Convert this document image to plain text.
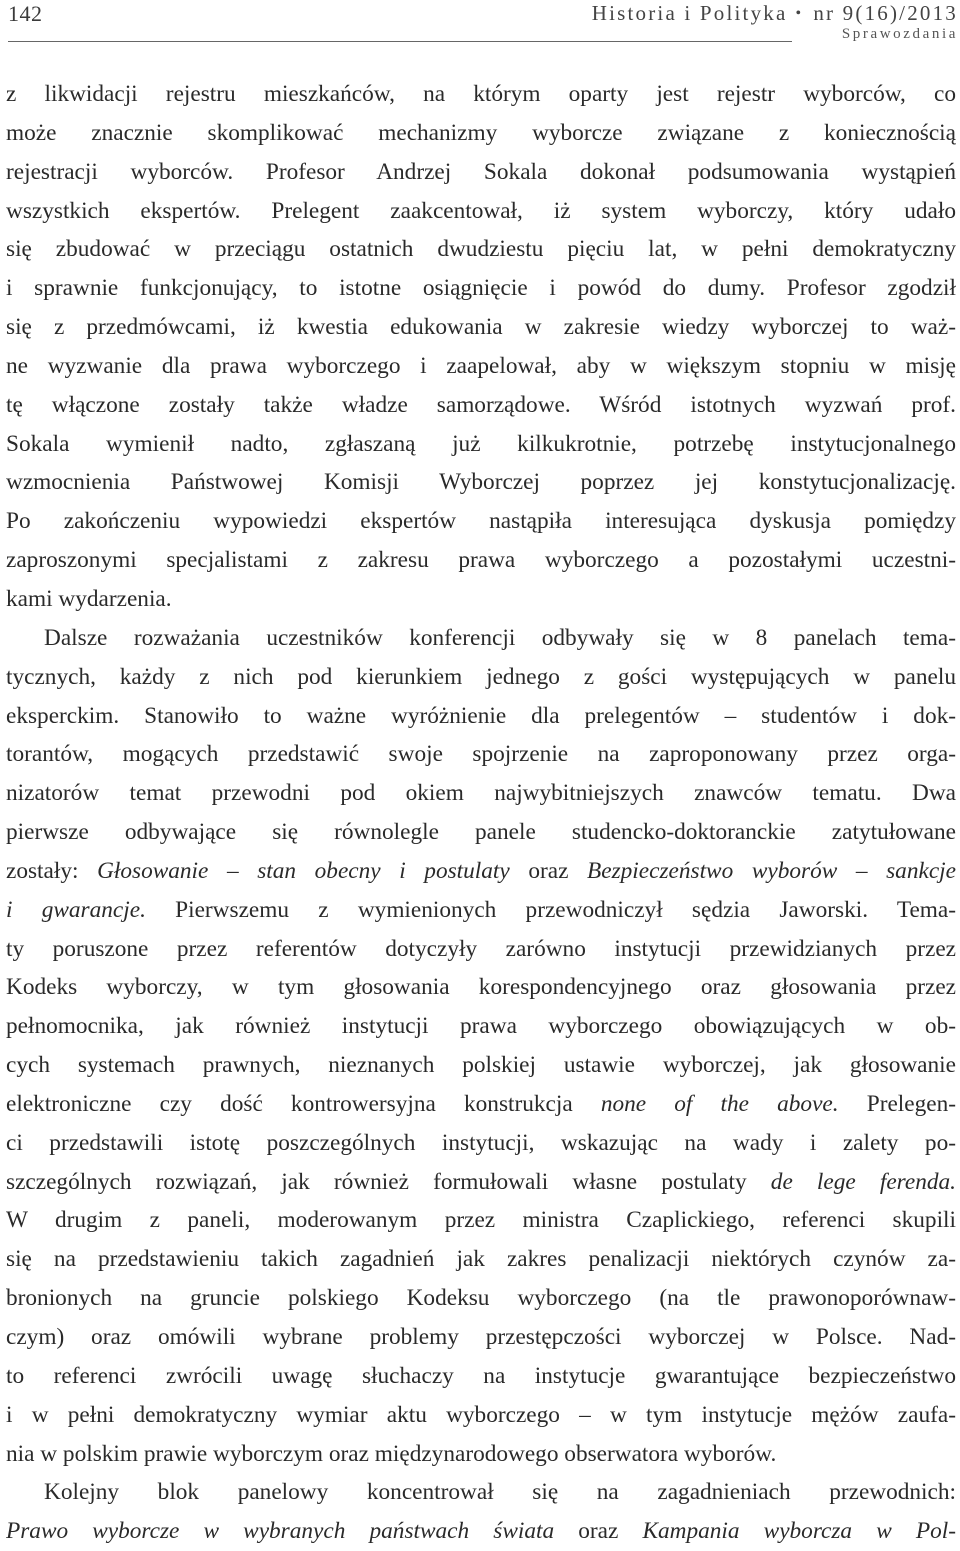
142	Historia i Polityka • nr 9(16)/2013
Sprawozdania
z likwidacji rejestru mieszkańców, na którym oparty jest rejestr wyborców, co
może znacznie skomplikować mechanizmy wyborcze związane z koniecznością
rejestracji wyborców. Profesor Andrzej Sokala dokonał podsumowania wystąpień
wszystkich ekspertów. Prelegent zaakcentował, iż system wyborczy, który udało
się zbudować w przeciągu ostatnich dwudziestu pięciu lat, w pełni demokratyczny
i sprawnie funkcjonujący, to istotne osiągnięcie i powód do dumy. Profesor zgodził
się z przedmówcami, iż kwestia edukowania w zakresie wiedzy wyborczej to waż-
ne wyzwanie dla prawa wyborczego i zaapelował, aby w większym stopniu w misję
tę włączone zostały także władze samorządowe. Wśród istotnych wyzwań prof.
Sokala wymienił nadto, zgłaszaną już kilkukrotnie, potrzebę instytucjonalnego
wzmocnienia Państwowej Komisji Wyborczej poprzez jej konstytucjonalizację.
Po zakończeniu wypowiedzi ekspertów nastąpiła interesująca dyskusja pomiędzy
zaproszonymi specjalistami z zakresu prawa wyborczego a pozostałymi uczestni-
kami wydarzenia.
Dalsze rozważania uczestników konferencji odbywały się w 8 panelach tema-
tycznych, każdy z nich pod kierunkiem jednego z gości występujących w panelu
eksperckim. Stanowiło to ważne wyróżnienie dla prelegentów – studentów i dok-
torantów, mogących przedstawić swoje spojrzenie na zaproponowany przez orga-
nizatorów temat przewodni pod okiem najwybitniejszych znawców tematu. Dwa
pierwsze odbywające się równolegle panele studencko-doktoranckie zatytułowane
zostały: Głosowanie – stan obecny i postulaty oraz Bezpieczeństwo wyborów – sankcje
i gwarancje. Pierwszemu z wymienionych przewodniczył sędzia Jaworski. Tema-
ty poruszone przez referentów dotyczyły zarówno instytucji przewidzianych przez
Kodeks wyborczy, w tym głosowania korespondencyjnego oraz głosowania przez
pełnomocnika, jak również instytucji prawa wyborczego obowiązujących w ob-
cych systemach prawnych, nieznanych polskiej ustawie wyborczej, jak głosowanie
elektroniczne czy dość kontrowersyjna konstrukcja none of the above. Prelegen-
ci przedstawili istotę poszczególnych instytucji, wskazując na wady i zalety po-
szczególnych rozwiązań, jak również formułowali własne postulaty de lege ferenda.
W drugim z paneli, moderowanym przez ministra Czaplickiego, referenci skupili
się na przedstawieniu takich zagadnień jak zakres penalizacji niektórych czynów za-
bronionych na gruncie polskiego Kodeksu wyborczego (na tle prawonoporównaw-
czym) oraz omówili wybrane problemy przestępczości wyborczej w Polsce. Nad-
to referenci zwrócili uwagę słuchaczy na instytucje gwarantujące bezpieczeństwo
i w pełni demokratyczny wymiar aktu wyborczego – w tym instytucje mężów zaufa-
nia w polskim prawie wyborczym oraz międzynarodowego obserwatora wyborów.
Kolejny blok panelowy koncentrował się na zagadnieniach przewodnich:
Prawo wyborcze w wybranych państwach świata oraz Kampania wyborcza w Pol-
